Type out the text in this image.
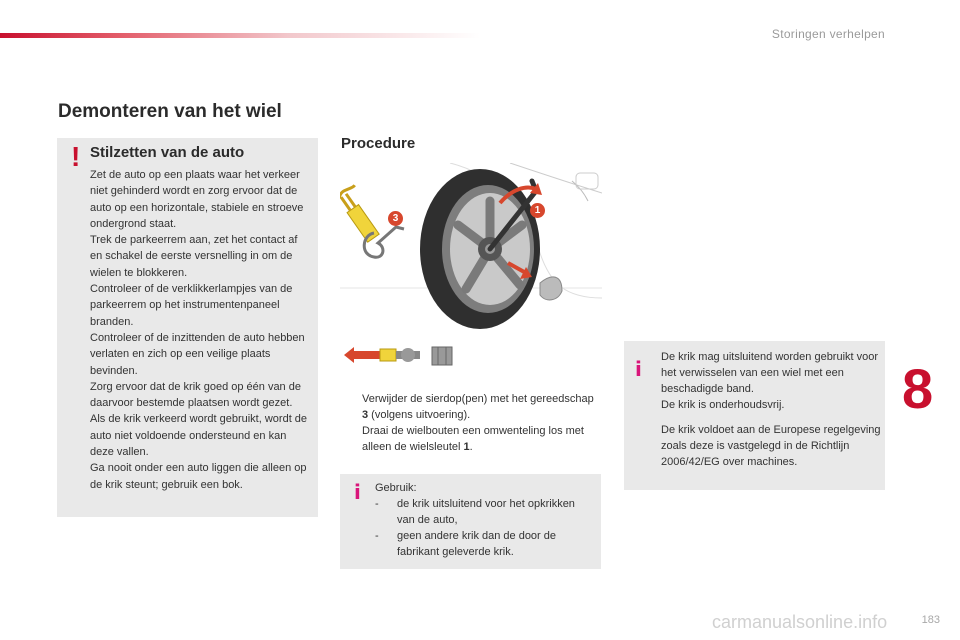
Storingen verhelpen
Demonteren van het wiel
! Stilzetten van de auto

Zet de auto op een plaats waar het verkeer niet gehinderd wordt en zorg ervoor dat de auto op een horizontale, stabiele en stroeve ondergrond staat.

Trek de parkeerrem aan, zet het contact af en schakel de eerste versnelling in om de wielen te blokkeren.

Controleer of de verklikkerlampjes van de parkeerrem op het instrumentenpaneel branden.

Controleer of de inzittenden de auto hebben verlaten en zich op een veilige plaats bevinden.

Zorg ervoor dat de krik goed op één van de daarvoor bestemde plaatsen wordt gezet.

Als de krik verkeerd wordt gebruikt, wordt de auto niet voldoende ondersteund en kan deze vallen.

Ga nooit onder een auto liggen die alleen op de krik steunt; gebruik een bok.

Procedure
1
3
Verwijder de sierdop(pen) met het gereedschap 3 (volgens uitvoering).
Draai de wielbouten een omwenteling los met alleen de wielsleutel 1.
i Gebruik:
- de krik uitsluitend voor het opkrikken van de auto,
- geen andere krik dan de door de fabrikant geleverde krik.
i De krik mag uitsluitend worden gebruikt voor het verwisselen van een wiel met een beschadigde band.
De krik is onderhoudsvrij.

De krik voldoet aan de Europese regelgeving zoals deze is vastgelegd in de Richtlijn 2006/42/EG over machines.

8
carmanualsonline.info	183
